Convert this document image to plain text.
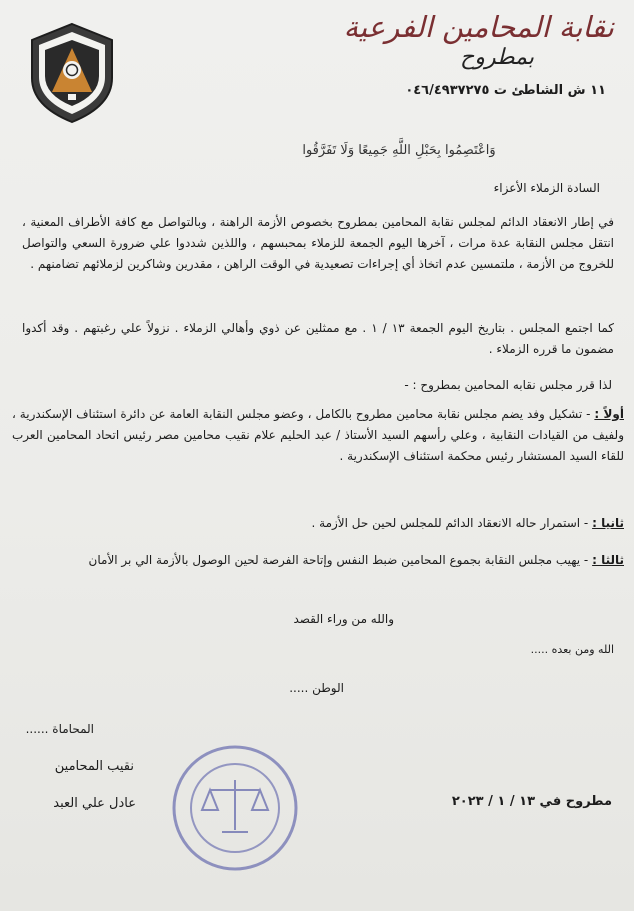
نقابة المحامين الفرعية
بمطروح
١١ ش الشاطئ ت ٠٤٦/٤٩٣٧٢٧٥
وَاعْتَصِمُوا بِحَبْلِ اللَّهِ جَمِيعًا وَلَا تَفَرَّقُوا
السادة الزملاء الأعزاء
في إطار الانعقاد الدائم لمجلس نقابة المحامين بمطروح بخصوص الأزمة الراهنة ، وبالتواصل مع كافة الأطراف المعنية ، انتقل مجلس النقابة عدة مرات ، آخرها اليوم الجمعة للزملاء بمحبسهم ، واللذين شددوا علي ضرورة السعي والتواصل للخروج من الأزمة ، ملتمسين عدم اتخاذ أي إجراءات تصعيدية في الوقت الراهن ، مقدرين وشاكرين لزملائهم تضامنهم .
كما اجتمع المجلس . بتاريخ اليوم الجمعة ١٣ / ١ . مع ممثلين عن ذوي وأهالي الزملاء . نزولاً علي رغبتهم . وقد أكدوا مضمون ما قرره الزملاء .
لذا قرر مجلس نقابه المحامين بمطروح : -
أولاً : - تشكيل وفد يضم مجلس نقابة محامين مطروح بالكامل ، وعضو مجلس النقابة العامة عن دائرة استئناف الإسكندرية ، ولفيف من القيادات النقابية ، وعلي رأسهم السيد الأستاذ / عبد الحليم علام نقيب محامين مصر رئيس اتحاد المحامين العرب للقاء السيد المستشار رئيس محكمة استئناف الإسكندرية .
ثانيا : - استمرار حاله الانعقاد الدائم للمجلس لحين حل الأزمة .
ثالثا : - يهيب مجلس النقابة بجموع المحامين ضبط النفس وإتاحة الفرصة لحين الوصول بالأزمة الي بر الأمان
والله من وراء القصد
الله ومن بعده .....
الوطن .....
المحاماة ......
نقيب المحامين
عادل علي العبد	مطروح في ١٣ / ١ / ٢٠٢٣
